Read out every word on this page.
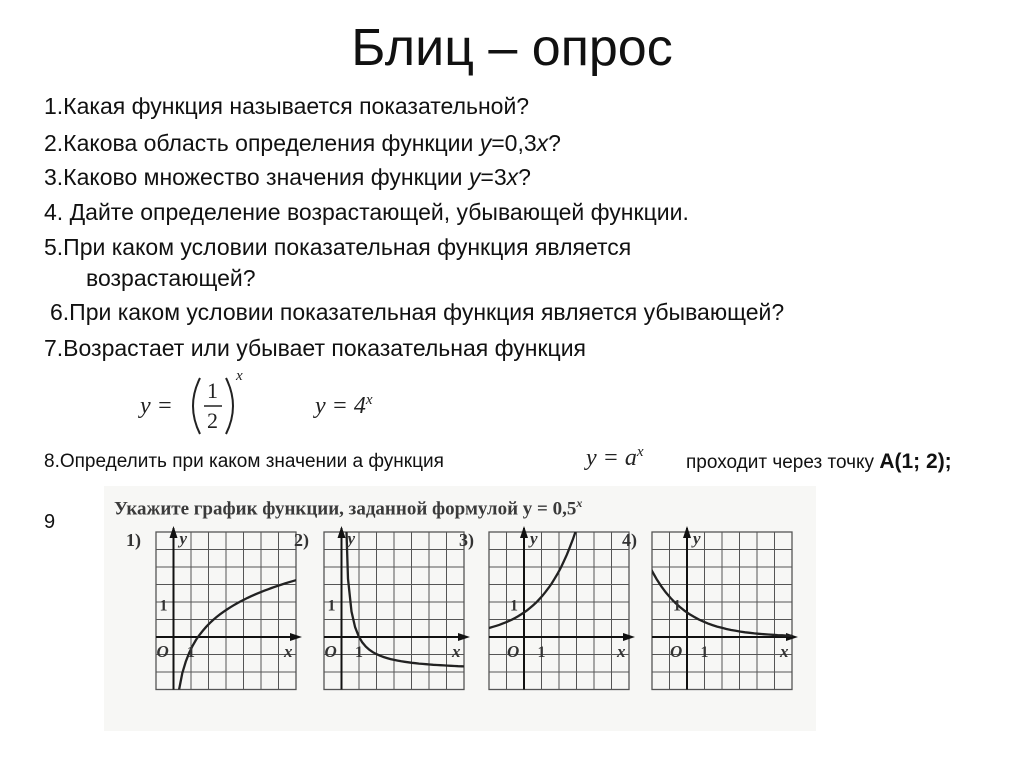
Блиц – опрос
1.Какая функция называется показательной?
2.Какова область определения функции y=0,3x?
3.Каково множество значения функции y=3x?
4. Дайте определение возрастающей, убывающей функции.
5.При каком условии показательная функция является
возрастающей?
6.При каком условии показательная функция является убывающей?
7.Возрастает или убывает показательная функция
y =
1
2
x
$y = 4^x$
8.Определить при каком значении а функция	$y = a^x$ проходит через точку А(1; 2);
9
Укажите график функции, заданной формулой $y = 0,5^x$
1) y
x
O 1
1
2) y
x
O 1
1
3)	y
x
O 1
1
4)	y
x
O 1
1
